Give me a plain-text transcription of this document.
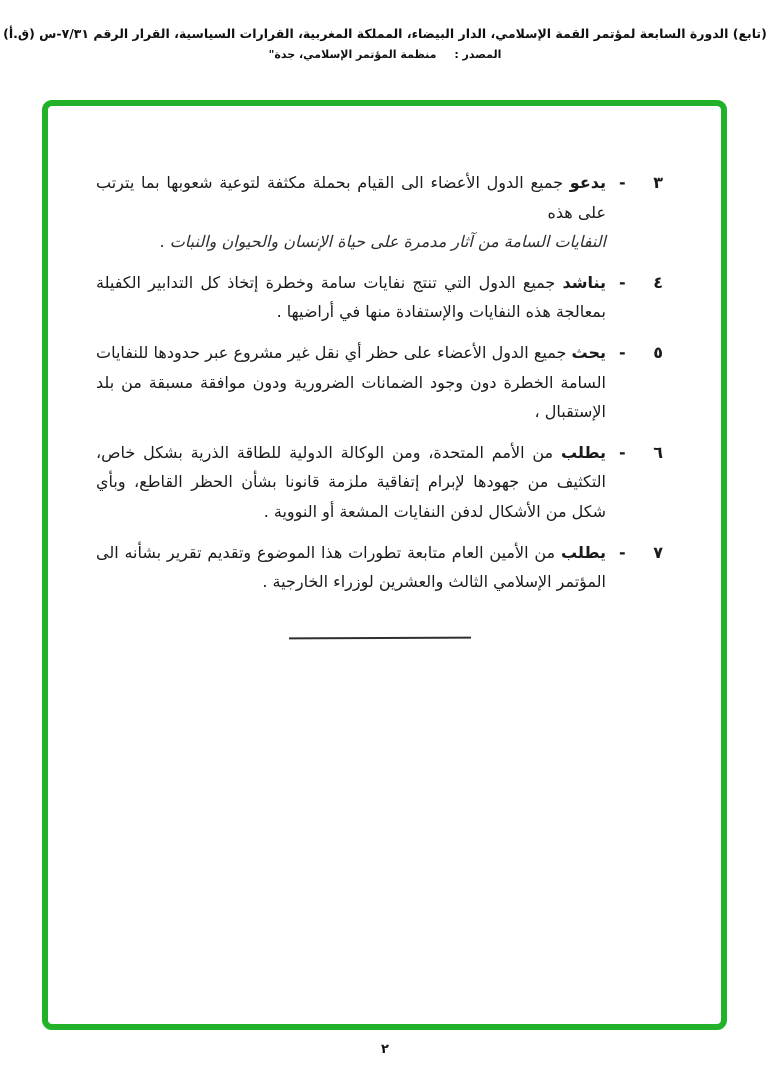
(تابع) الدورة السابعة لمؤتمر القمة الإسلامي، الدار البيضاء، المملكة المغربية، القرارات السياسية، القرار الرقم ٧/٣١-س (ق.أ)
المصدر : منظمة المؤتمر الإسلامي، جدة"
٣
-
يدعو جميع الدول الأعضاء الى القيام بحملة مكثفة لتوعية شعوبها بما يترتب على هذه
النفايات السامة من آثار مدمرة على حياة الإنسان والحيوان والنبات .
٤
-
يناشد جميع الدول التي تنتج نفايات سامة وخطرة إتخاذ كل التدابير الكفيلة بمعالجة هذه النفايات والإستفادة منها في أراضيها .
٥
-
يحث جميع الدول الأعضاء على حظر أي نقل غير مشروع عبر حدودها للنفايات السامة الخطرة دون وجود الضمانات الضرورية ودون موافقة مسبقة من بلد الإستقبال ،
٦
-
يطلب من الأمم المتحدة، ومن الوكالة الدولية للطاقة الذرية بشكل خاص، التكثيف من جهودها لإبرام إتفاقية ملزمة قانونا بشأن الحظر القاطع، وبأي شكل من الأشكال لدفن النفايات المشعة أو النووية .
٧
-
يطلب من الأمين العام متابعة تطورات هذا الموضوع وتقديم تقرير بشأنه الى المؤتمر الإسلامي الثالث والعشرين لوزراء الخارجية .
٢
